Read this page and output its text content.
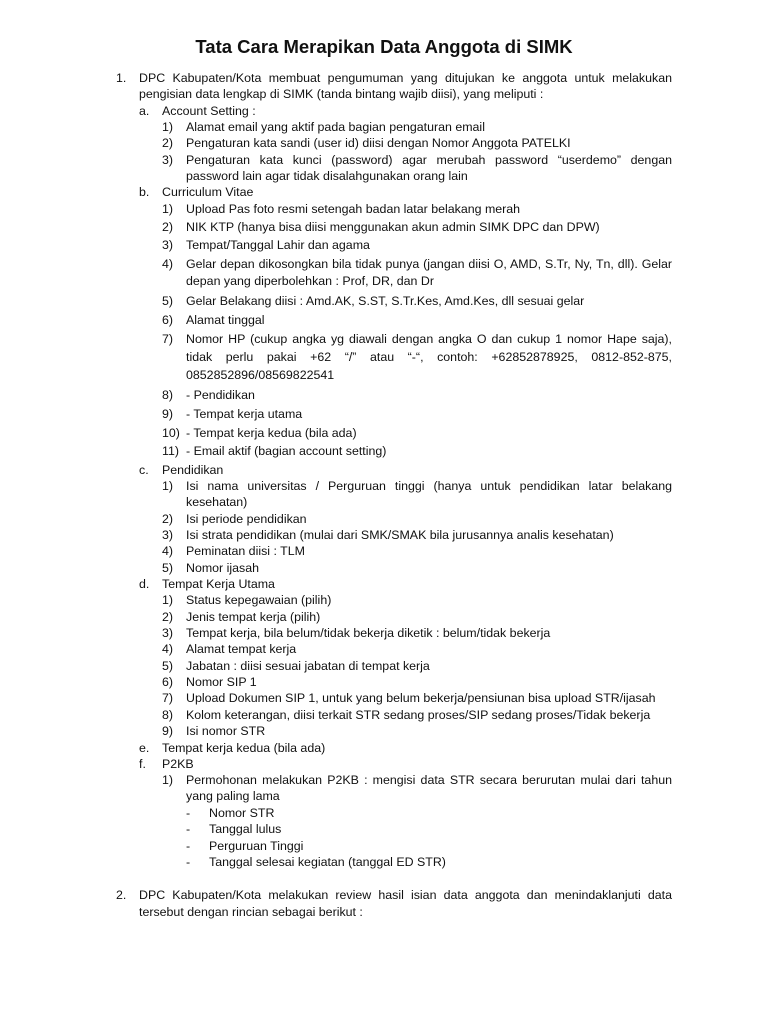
Tata Cara Merapikan Data Anggota di SIMK
1. DPC Kabupaten/Kota membuat pengumuman yang ditujukan ke anggota untuk melakukan
pengisian data lengkap di SIMK (tanda bintang wajib diisi), yang meliputi :
a. Account Setting :
1) Alamat email yang aktif pada bagian pengaturan email
2) Pengaturan kata sandi (user id) diisi dengan Nomor Anggota PATELKI
3) Pengaturan kata kunci (password) agar merubah password “userdemo” dengan
password lain agar tidak disalahgunakan orang lain
b. Curriculum Vitae
1) Upload Pas foto resmi setengah badan latar belakang merah
2) NIK KTP (hanya bisa diisi menggunakan akun admin SIMK DPC dan DPW)
3) Tempat/Tanggal Lahir dan agama
4) Gelar depan dikosongkan bila tidak punya (jangan diisi O, AMD, S.Tr, Ny, Tn, dll). Gelar
depan yang diperbolehkan : Prof, DR, dan Dr
5) Gelar Belakang diisi : Amd.AK, S.ST, S.Tr.Kes, Amd.Kes, dll sesuai gelar
6) Alamat tinggal
7) Nomor HP (cukup angka yg diawali dengan angka O dan cukup 1 nomor Hape saja),
tidak perlu pakai +62 “/” atau “-“, contoh: +62852878925, 0812-852-875,
0852852896/08569822541
8) - Pendidikan
9) - Tempat kerja utama
10) - Tempat kerja kedua (bila ada)
11) - Email aktif (bagian account setting)
c. Pendidikan
1) Isi nama universitas / Perguruan tinggi (hanya untuk pendidikan latar belakang
kesehatan)
2) Isi periode pendidikan
3) Isi strata pendidikan (mulai dari SMK/SMAK bila jurusannya analis kesehatan)
4) Peminatan diisi : TLM
5) Nomor ijasah
d. Tempat Kerja Utama
1) Status kepegawaian (pilih)
2) Jenis tempat kerja (pilih)
3) Tempat kerja, bila belum/tidak bekerja diketik : belum/tidak bekerja
4) Alamat tempat kerja
5) Jabatan : diisi sesuai jabatan di tempat kerja
6) Nomor SIP 1
7) Upload Dokumen SIP 1, untuk yang belum bekerja/pensiunan bisa upload STR/ijasah
8) Kolom keterangan, diisi terkait STR sedang proses/SIP sedang proses/Tidak bekerja
9) Isi nomor STR
e. Tempat kerja kedua (bila ada)
f. P2KB
1) Permohonan melakukan P2KB : mengisi data STR secara berurutan mulai dari tahun
yang paling lama
- Nomor STR
- Tanggal lulus
- Perguruan Tinggi
- Tanggal selesai kegiatan (tanggal ED STR)
2. DPC Kabupaten/Kota melakukan review hasil isian data anggota dan menindaklanjuti data
tersebut dengan rincian sebagai berikut :
